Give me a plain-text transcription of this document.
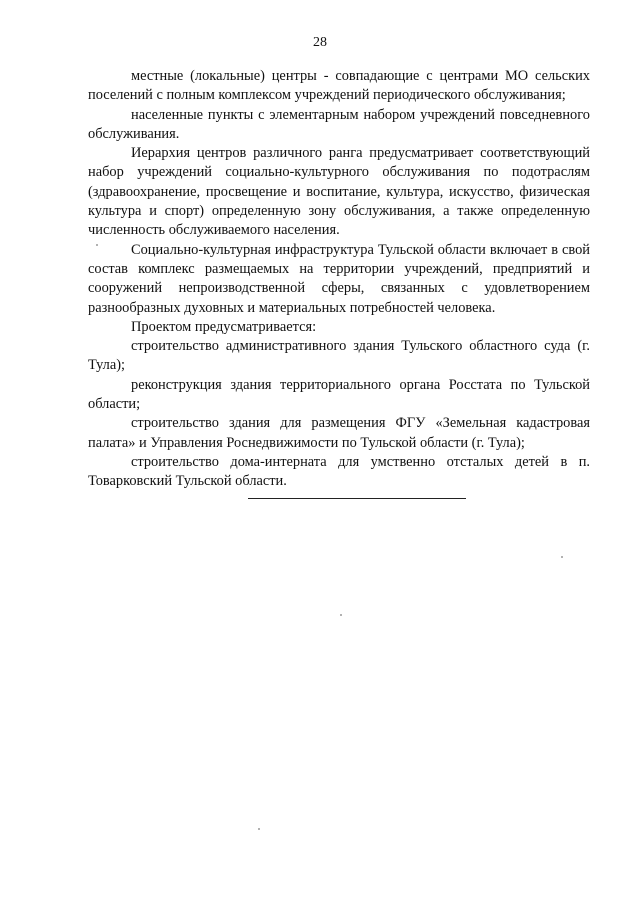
28

местные (локальные) центры - совпадающие с центрами МО сельских поселений с полным комплексом учреждений периодического обслуживания;

населенные пункты с элементарным набором учреждений повседневного обслуживания.

Иерархия центров различного ранга предусматривает соответствующий набор учреждений социально-культурного обслуживания по подотраслям (здравоохранение, просвещение и воспитание, культура, искусство, физическая культура и спорт) определенную зону обслуживания, а также определенную численность обслуживаемого населения.

Социально-культурная инфраструктура Тульской области включает в свой состав комплекс размещаемых на территории учреждений, предприятий и сооружений непроизводственной сферы, связанных с удовлетворением разнообразных духовных и материальных потребностей человека.

Проектом предусматривается:

строительство административного здания Тульского областного суда (г. Тула);

реконструкция здания территориального органа Росстата по Тульской области;

строительство здания для размещения ФГУ «Земельная кадастровая палата» и Управления Роснедвижимости по Тульской области (г. Тула);

строительство дома-интерната для умственно отсталых детей в п. Товарковский Тульской области.
